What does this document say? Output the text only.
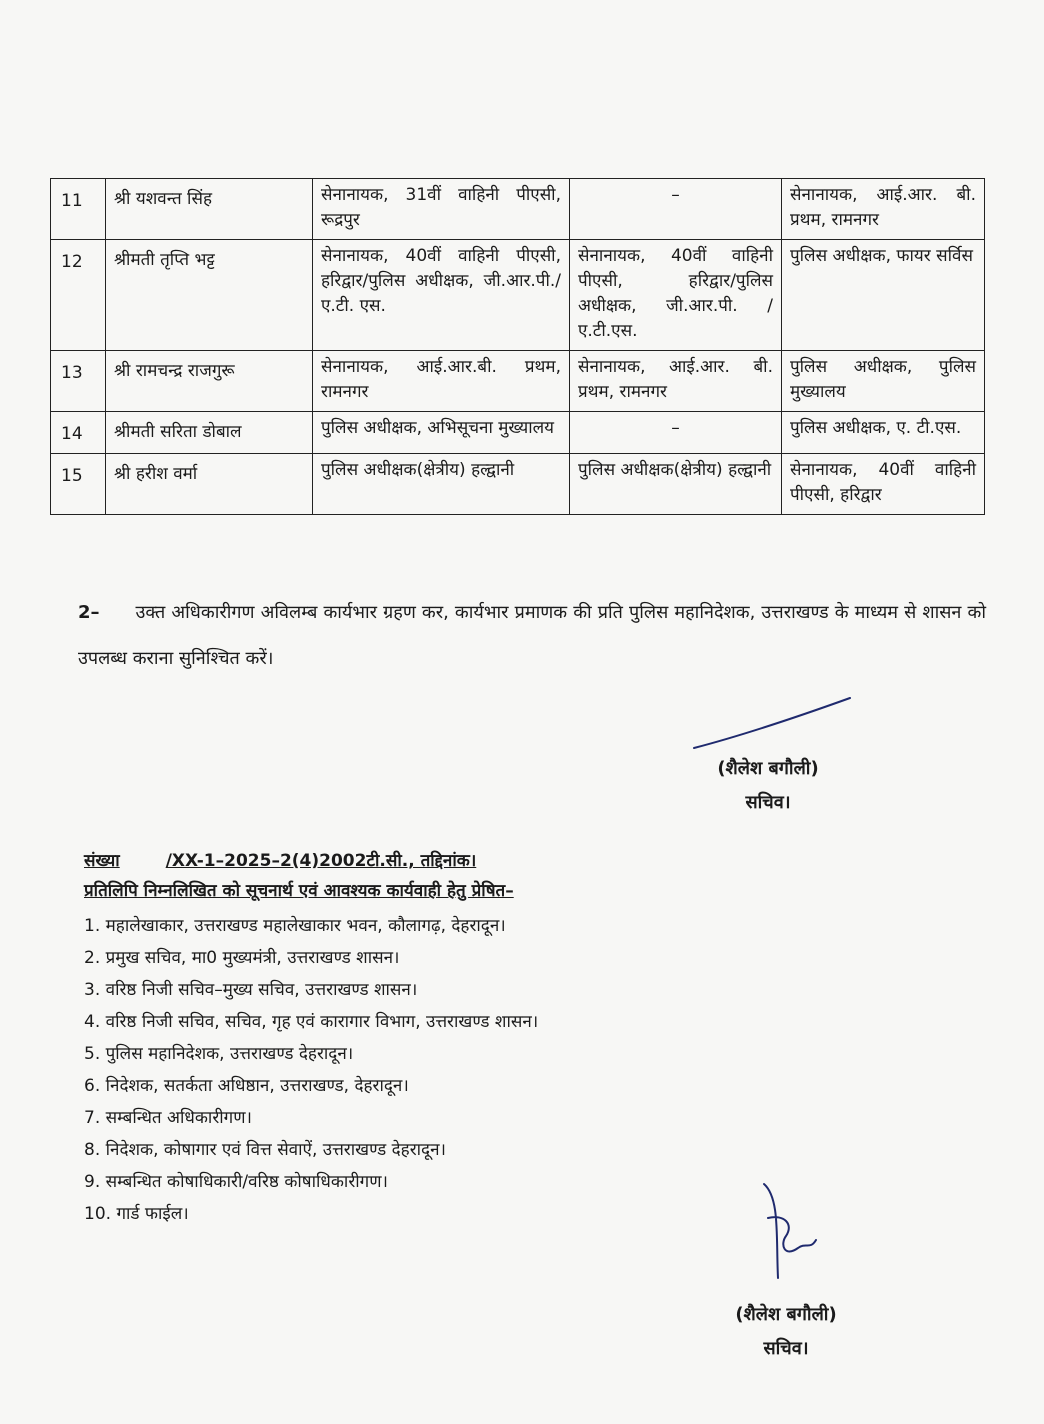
11	श्री यशवन्त सिंह	सेनानायक, 31वीं वाहिनी पीएसी, रूद्रपुर	–	सेनानायक, आई.आर. बी. प्रथम, रामनगर
12	श्रीमती तृप्ति भट्ट	सेनानायक, 40वीं वाहिनी पीएसी, हरिद्वार/पुलिस अधीक्षक, जी.आर.पी./ए.टी. एस.	सेनानायक, 40वीं वाहिनी पीएसी, हरिद्वार/पुलिस अधीक्षक, जी.आर.पी. /ए.टी.एस.	पुलिस अधीक्षक, फायर सर्विस
13	श्री रामचन्द्र राजगुरू	सेनानायक, आई.आर.बी. प्रथम, रामनगर	सेनानायक, आई.आर. बी. प्रथम, रामनगर	पुलिस अधीक्षक, पुलिस मुख्यालय
14	श्रीमती सरिता डोबाल	पुलिस अधीक्षक, अभिसूचना मुख्यालय	–	पुलिस अधीक्षक, ए. टी.एस.
15	श्री हरीश वर्मा	पुलिस अधीक्षक(क्षेत्रीय) हल्द्वानी	पुलिस अधीक्षक(क्षेत्रीय) हल्द्वानी	सेनानायक, 40वीं वाहिनी पीएसी, हरिद्वार
2– उक्त अधिकारीगण अविलम्ब कार्यभार ग्रहण कर, कार्यभार प्रमाणक की प्रति पुलिस महानिदेशक, उत्तराखण्ड के माध्यम से शासन को उपलब्ध कराना सुनिश्चित करें।
(शैलेश बगौली)
सचिव।
संख्या	/XX-1–2025–2(4)2002टी.सी., तद्दिनांक।
प्रतिलिपि निम्नलिखित को सूचनार्थ एवं आवश्यक कार्यवाही हेतु प्रेषित–
1. महालेखाकार, उत्तराखण्ड महालेखाकार भवन, कौलागढ़, देहरादून।
2. प्रमुख सचिव, मा0 मुख्यमंत्री, उत्तराखण्ड शासन।
3. वरिष्ठ निजी सचिव–मुख्य सचिव, उत्तराखण्ड शासन।
4. वरिष्ठ निजी सचिव, सचिव, गृह एवं कारागार विभाग, उत्तराखण्ड शासन।
5. पुलिस महानिदेशक, उत्तराखण्ड देहरादून।
6. निदेशक, सतर्कता अधिष्ठान, उत्तराखण्ड, देहरादून।
7. सम्बन्धित अधिकारीगण।
8. निदेशक, कोषागार एवं वित्त सेवाऐं, उत्तराखण्ड देहरादून।
9. सम्बन्धित कोषाधिकारी/वरिष्ठ कोषाधिकारीगण।
10. गार्ड फाईल।
(शैलेश बगौली)
सचिव।
